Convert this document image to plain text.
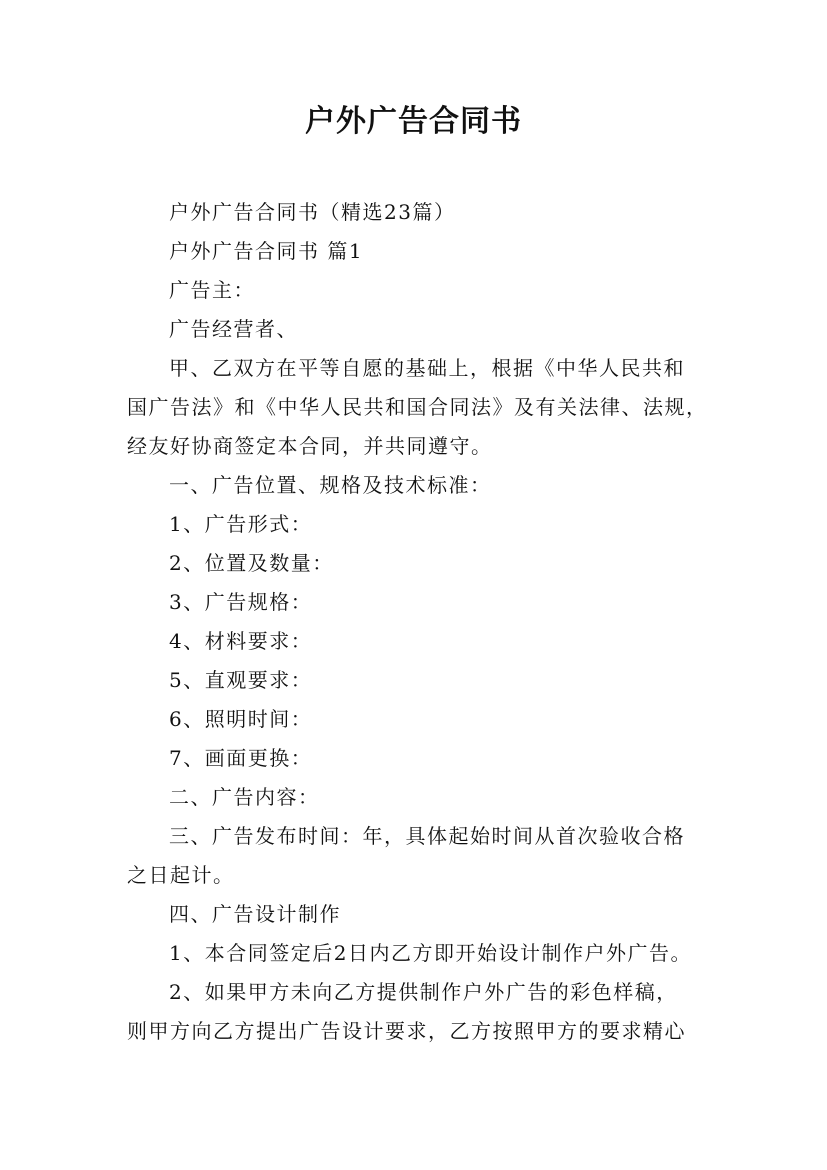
户外广告合同书

户外广告合同书（精选23篇）

户外广告合同书 篇1

广告主：

广告经营者、

甲、乙双方在平等自愿的基础上，根据《中华人民共和

国广告法》和《中华人民共和国合同法》及有关法律、法规，

经友好协商签定本合同，并共同遵守。

一、广告位置、规格及技术标准：

1、广告形式：

2、位置及数量：

3、广告规格：

4、材料要求：

5、直观要求：

6、照明时间：

7、画面更换：

二、广告内容：

三、广告发布时间：年，具体起始时间从首次验收合格

之日起计。

四、广告设计制作

1、本合同签定后2日内乙方即开始设计制作户外广告。

2、如果甲方未向乙方提供制作户外广告的彩色样稿，

则甲方向乙方提出广告设计要求，乙方按照甲方的要求精心
